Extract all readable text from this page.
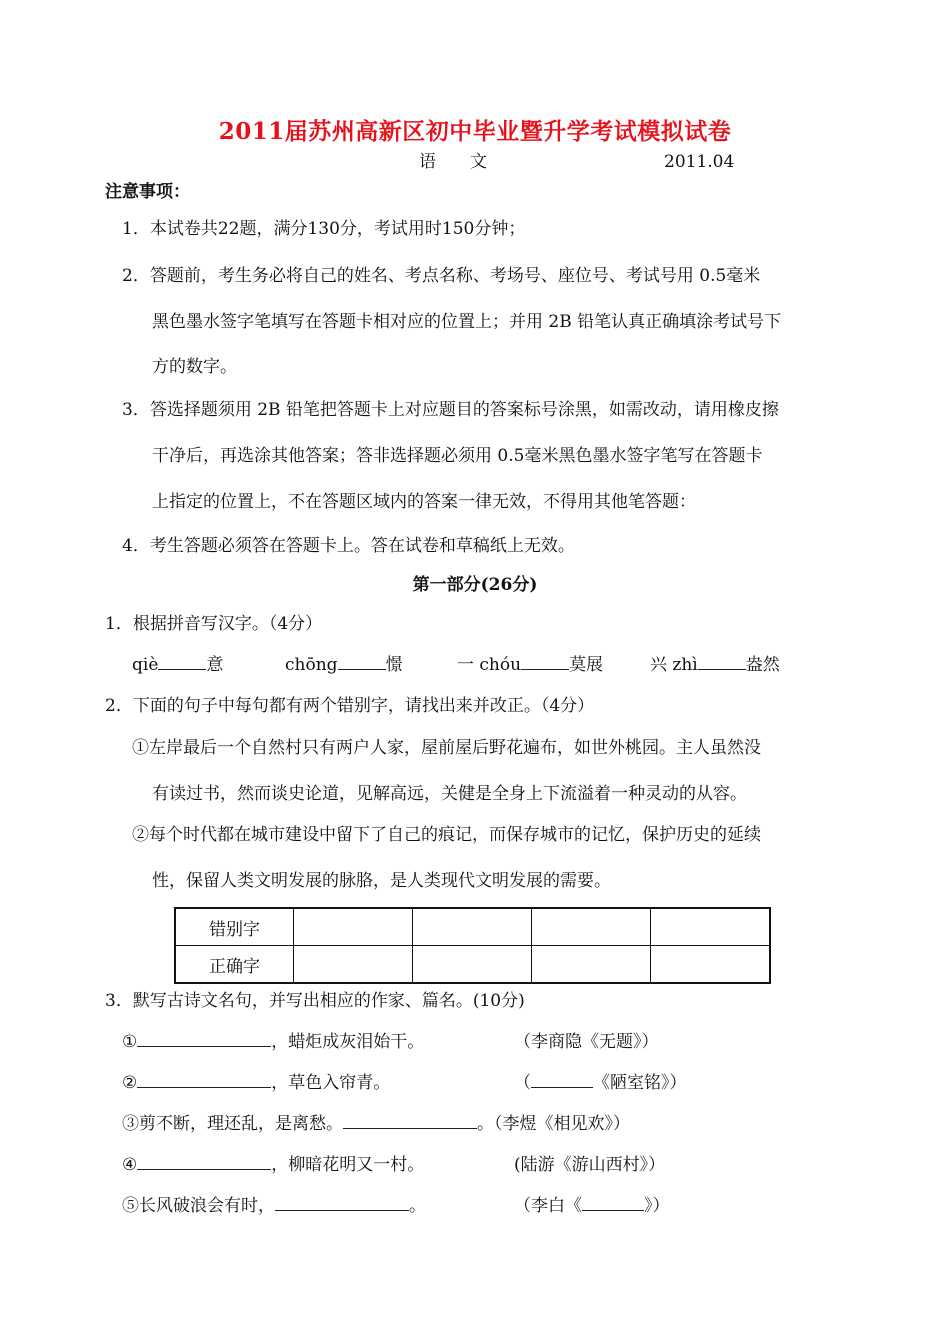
2011届苏州高新区初中毕业暨升学考试模拟试卷
语　　文	2011.04
注意事项：
1．本试卷共22题，满分130分，考试用时150分钟；
2．答题前，考生务必将自己的姓名、考点名称、考场号、座位号、考试号用 0.5毫米
黑色墨水签字笔填写在答题卡相对应的位置上；并用 2B 铅笔认真正确填涂考试号下
方的数字。
3．答选择题须用 2B 铅笔把答题卡上对应题目的答案标号涂黑，如需改动，请用橡皮擦
干净后，再选涂其他答案；答非选择题必须用 0.5毫米黑色墨水签字笔写在答题卡
上指定的位置上，不在答题区域内的答案一律无效，不得用其他笔答题：
4．考生答题必须答在答题卡上。答在试卷和草稿纸上无效。
第一部分(26分)
1．根据拼音写汉字。（4分）
qiè	意	chōng	憬	一 chóu	莫展	兴 zhì	盎然
2．下面的句子中每句都有两个错别字，请找出来并改正。（4分）
①左岸最后一个自然村只有两户人家，屋前屋后野花遍布，如世外桃园。主人虽然没
有读过书，然而谈史论道，见解高远，关健是全身上下流溢着一种灵动的从容。
②每个时代都在城市建设中留下了自己的痕记，而保存城市的记忆，保护历史的延续
性，保留人类文明发展的脉胳，是人类现代文明发展的需要。
错别字				
正确字				
3．默写古诗文名句，并写出相应的作家、篇名。(10分)
①	，蜡炬成灰泪始干。	（李商隐《无题》）
②	，草色入帘青。	（	《陋室铭》）
③剪不断，理还乱，是离愁。	。（李煜《相见欢》）
④	，柳暗花明又一村。	(陆游《游山西村》）
⑤长风破浪会有时，	。	（李白《	》）
